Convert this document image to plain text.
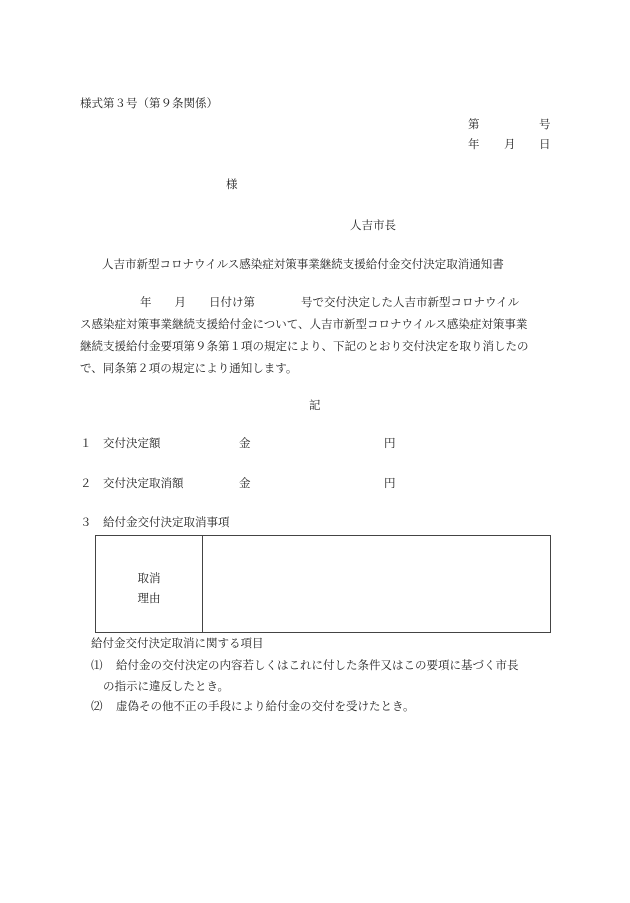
様式第３号（第９条関係）
第	号
年 月 日
様
人吉市長
人吉市新型コロナウイルス感染症対策事業継続支援給付金交付決定取消通知書
年　　月　　日付け第　　　　号で交付決定した人吉市新型コロナウイル
ス感染症対策事業継続支援給付金について、人吉市新型コロナウイルス感染症対策事業
継続支援給付金要項第９条第１項の規定により、下記のとおり交付決定を取り消したの
で、同条第２項の規定により通知します。
記
１ 交付決定額	金	円
２ 交付決定取消額	金	円
３ 給付金交付決定取消事項
取消
理由
給付金交付決定取消に関する項目
⑴ 給付金の交付決定の内容若しくはこれに付した条件又はこの要項に基づく市長
の指示に違反したとき。
⑵ 虚偽その他不正の手段により給付金の交付を受けたとき。
